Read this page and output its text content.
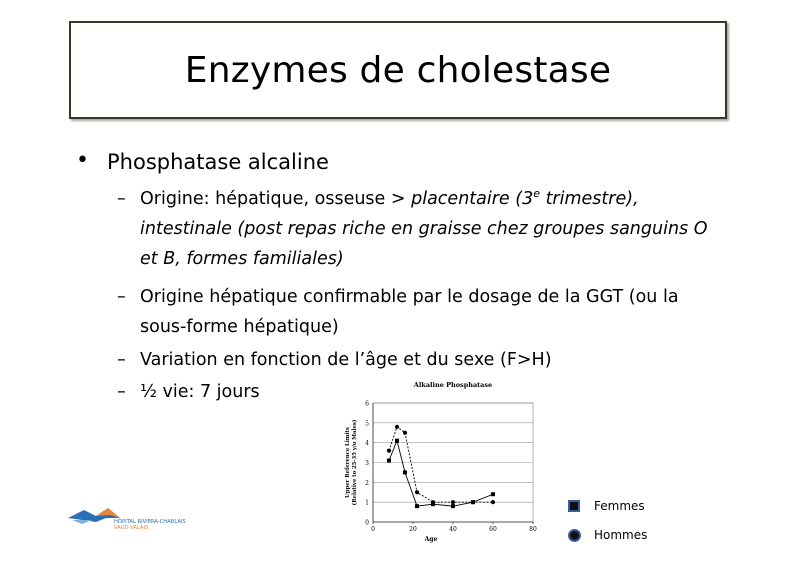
Enzymes de cholestase
• Phosphatase alcaline
– Origine: hépatique, osseuse > placentaire (3e trimestre), intestinale (post repas riche en graisse chez groupes sanguins O et B, formes familiales)
– Origine hépatique confirmable par le dosage de la GGT (ou la sous-forme hépatique)
– Variation en fonction de l’âge et du sexe (F>H)
– ½ vie: 7 jours
0
1
2
3
4
5
6
0	20	40	60	80
Alkaline Phosphatase
Age
Upper Reference Limits(Relative to 25-35 y/o Males)
Femmes
Hommes
HÔPITAL RIVIERA-CHABLAIS
VAUD-VALAIS
